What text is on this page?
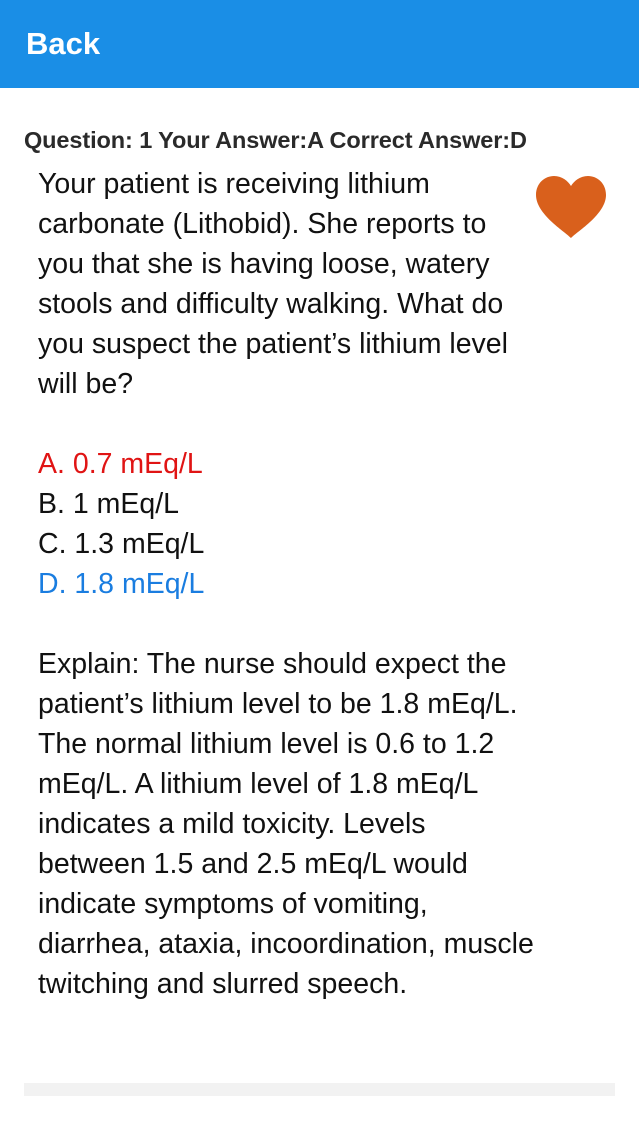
Back
Question: 1 Your Answer:A Correct Answer:D
Your patient is receiving lithium carbonate (Lithobid). She reports to you that she is having loose, watery stools and difficulty walking. What do you suspect the patient’s lithium level will be?
A. 0.7 mEq/L
B. 1 mEq/L
C. 1.3 mEq/L
D. 1.8 mEq/L
Explain: The nurse should expect the patient’s lithium level to be 1.8 mEq/L. The normal lithium level is 0.6 to 1.2 mEq/L. A lithium level of 1.8 mEq/L indicates a mild toxicity. Levels between 1.5 and 2.5 mEq/L would indicate symptoms of vomiting, diarrhea, ataxia, incoordination, muscle twitching and slurred speech.
